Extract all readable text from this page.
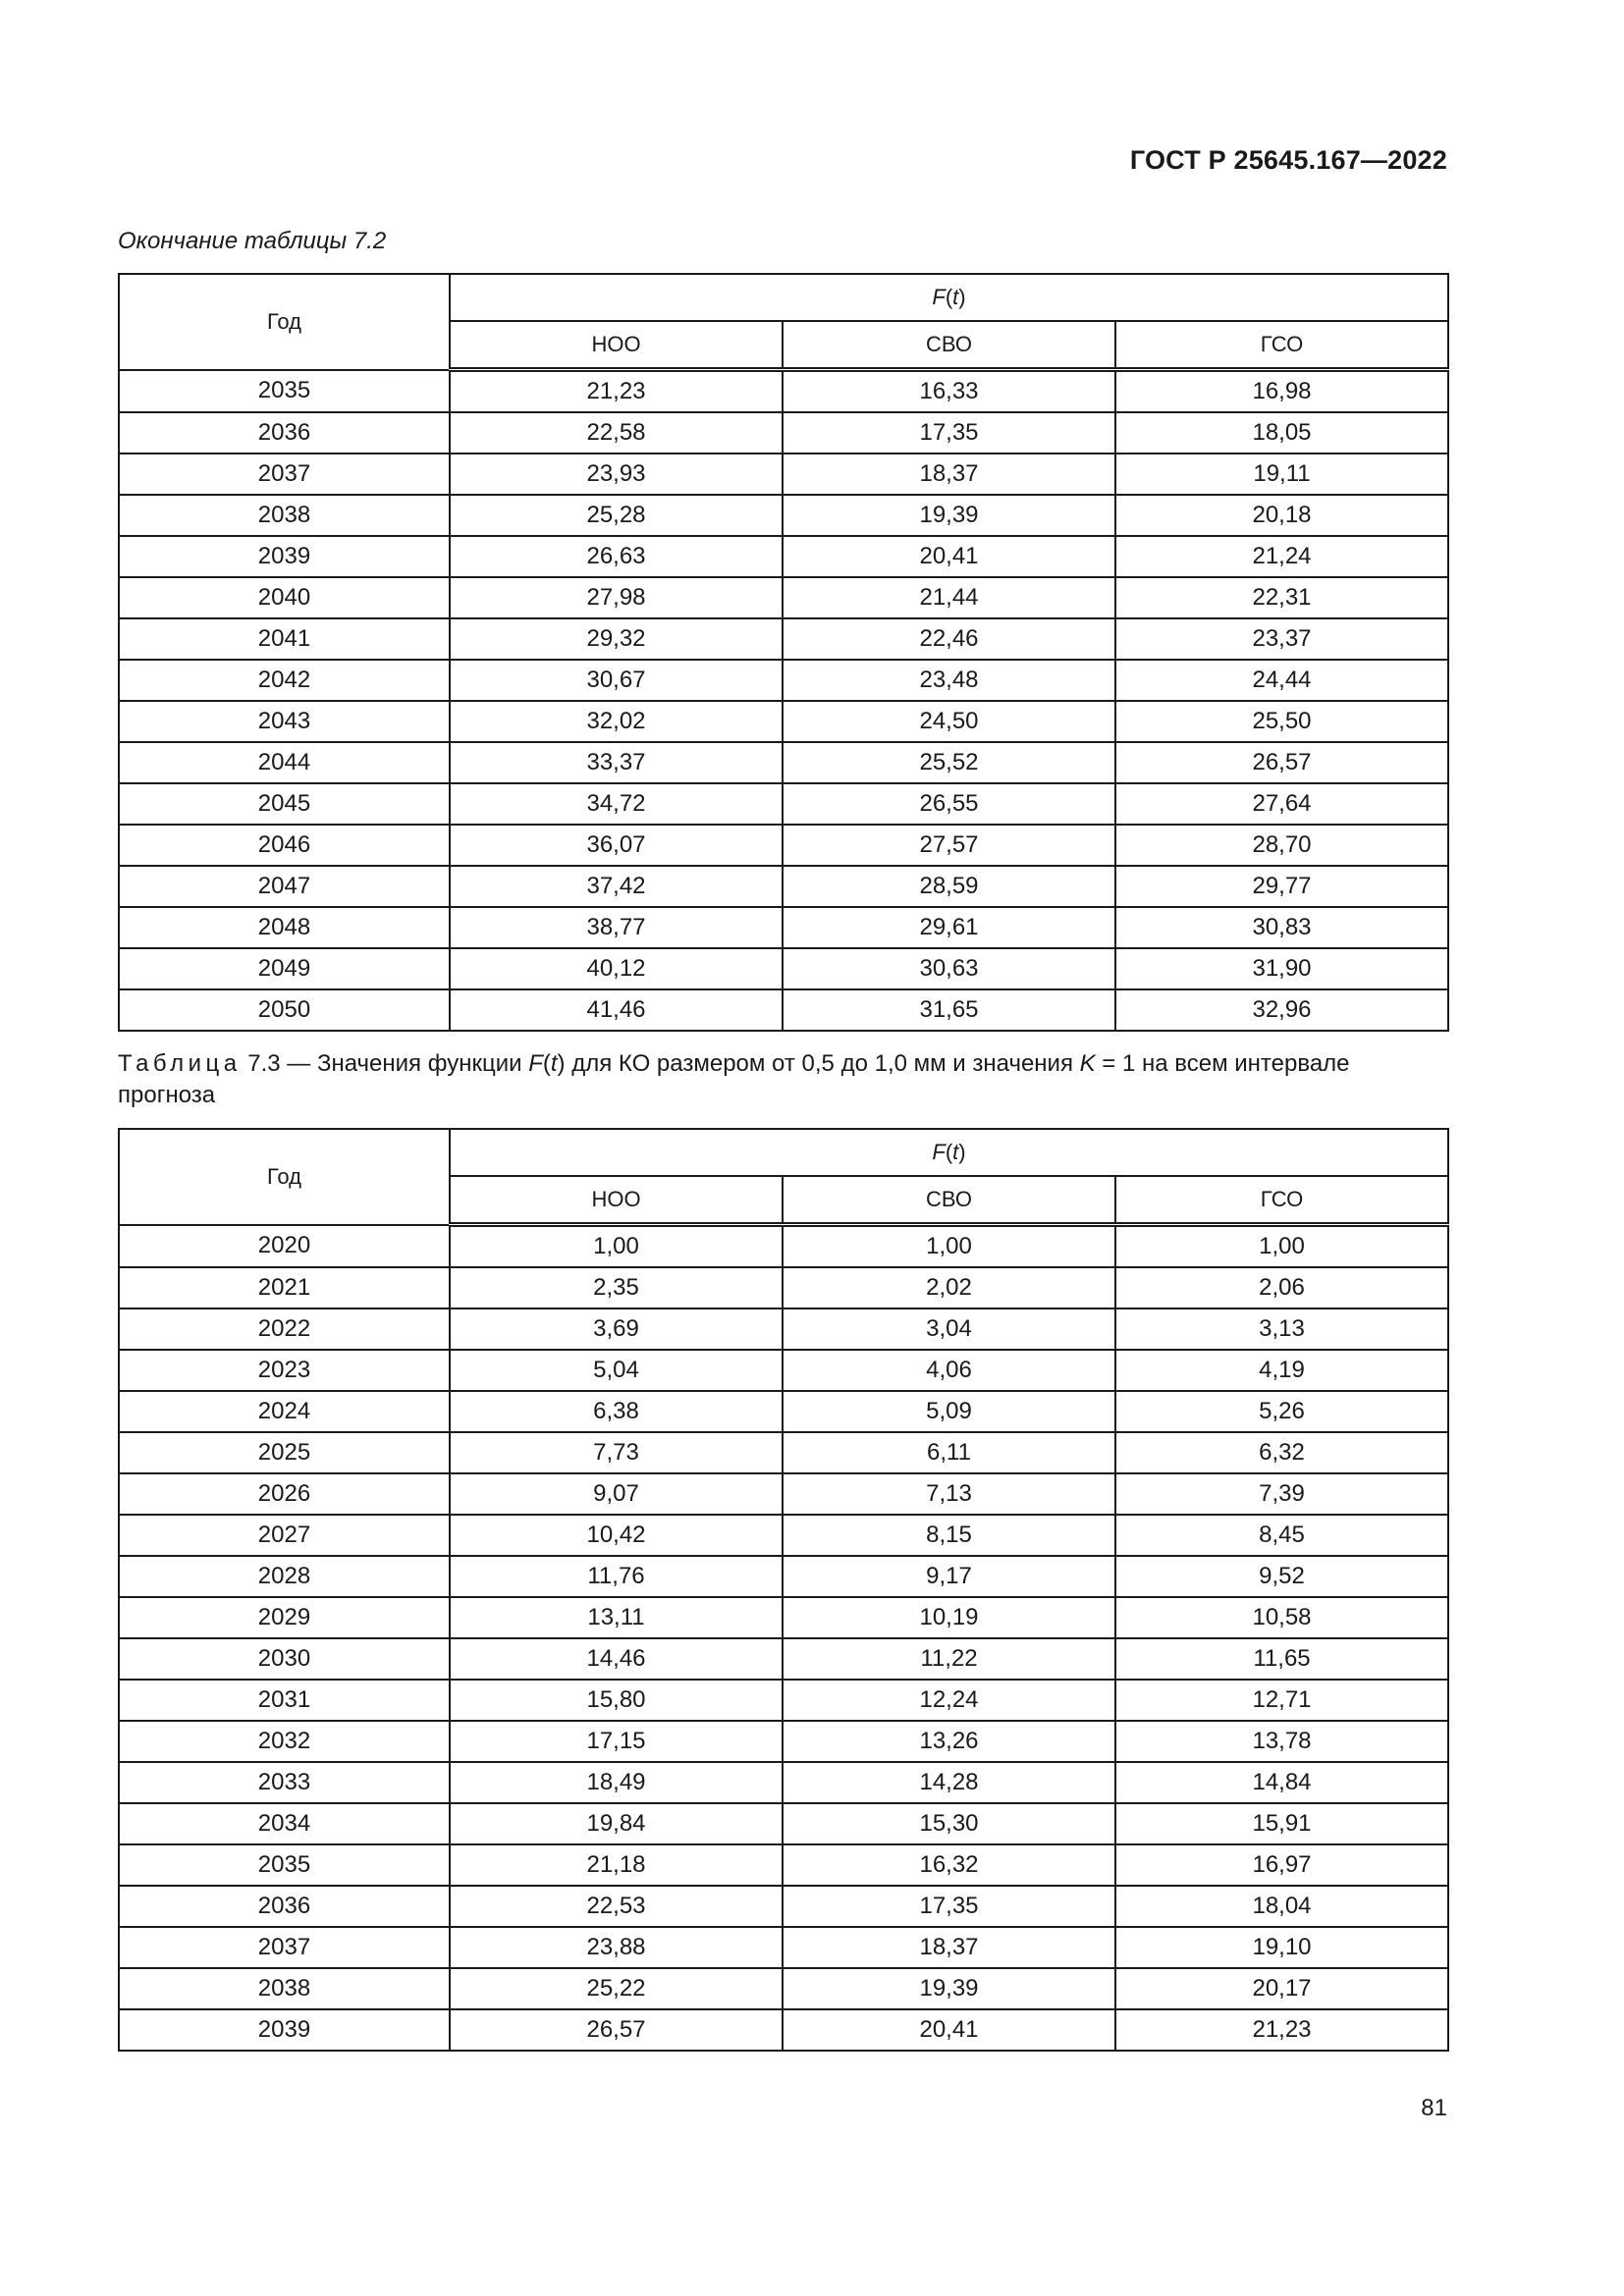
ГОСТ Р 25645.167—2022
Окончание таблицы 7.2
Год	F(t)		
	НОО	СВО	ГСО
2035	21,23	16,33	16,98
2036	22,58	17,35	18,05
2037	23,93	18,37	19,11
2038	25,28	19,39	20,18
2039	26,63	20,41	21,24
2040	27,98	21,44	22,31
2041	29,32	22,46	23,37
2042	30,67	23,48	24,44
2043	32,02	24,50	25,50
2044	33,37	25,52	26,57
2045	34,72	26,55	27,64
2046	36,07	27,57	28,70
2047	37,42	28,59	29,77
2048	38,77	29,61	30,83
2049	40,12	30,63	31,90
2050	41,46	31,65	32,96
Таблица 7.3 — Значения функции F(t) для КО размером от 0,5 до 1,0 мм и значения K = 1 на всем интервале прогноза
Год	F(t)		
	НОО	СВО	ГСО
2020	1,00	1,00	1,00
2021	2,35	2,02	2,06
2022	3,69	3,04	3,13
2023	5,04	4,06	4,19
2024	6,38	5,09	5,26
2025	7,73	6,11	6,32
2026	9,07	7,13	7,39
2027	10,42	8,15	8,45
2028	11,76	9,17	9,52
2029	13,11	10,19	10,58
2030	14,46	11,22	11,65
2031	15,80	12,24	12,71
2032	17,15	13,26	13,78
2033	18,49	14,28	14,84
2034	19,84	15,30	15,91
2035	21,18	16,32	16,97
2036	22,53	17,35	18,04
2037	23,88	18,37	19,10
2038	25,22	19,39	20,17
2039	26,57	20,41	21,23
81
